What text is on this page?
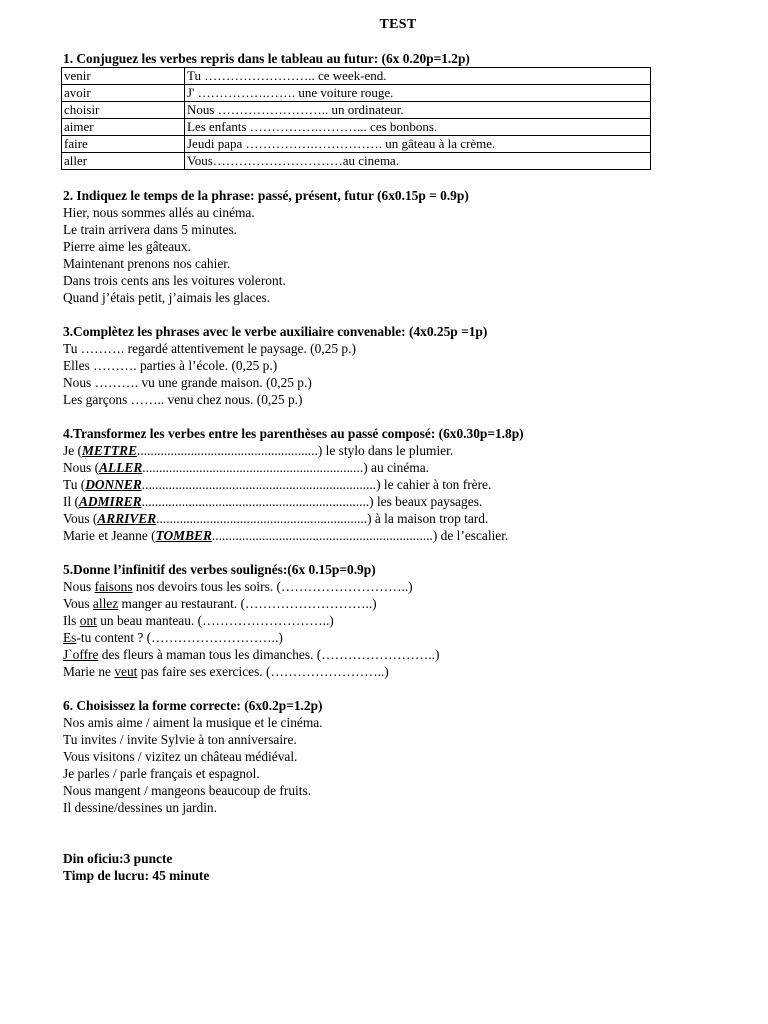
TEST
1. Conjuguez les verbes repris dans le tableau au futur: (6x 0.20p=1.2p)
venir	Tu …………………….. ce week-end.
avoir	J' …………….……. une voiture rouge.
choisir	Nous …………………….. un ordinateur.
aimer	Les enfants …………….………... ces bonbons.
faire	Jeudi papa …………….……………. un gâteau à la crème.
aller	Vous…………………………au cinema.
2. Indiquez le temps de la phrase: passé, présent, futur (6x0.15p = 0.9p)
Hier, nous sommes allés au cinéma.
Le train arrivera dans 5 minutes.
Pierre aime les gâteaux.
Maintenant prenons nos cahier.
Dans trois cents ans les voitures voleront.
Quand j’étais petit, j’aimais les glaces.
3.Complètez les phrases avec le verbe auxiliaire convenable: (4x0.25p =1p)
Tu ………. regardé attentivement le paysage. (0,25 p.)
Elles ………. parties à l’école. (0,25 p.)
Nous ………. vu une grande maison. (0,25 p.)
Les garçons …….. venu chez nous. (0,25 p.)
4.Transformez les verbes entre les parenthèses au passé composé: (6x0.30p=1.8p)
Je (METTRE......................................................) le stylo dans le plumier.
Nous (ALLER..................................................................) au cinéma.
Tu (DONNER......................................................................) le cahier à ton frère.
Il (ADMIRER....................................................................) les beaux paysages.
Vous (ARRIVER...............................................................) à la maison trop tard.
Marie et Jeanne (TOMBER..................................................................) de l’escalier.
5.Donne l’infinitif des verbes soulignés:(6x 0.15p=0.9p)
Nous faisons nos devoirs tous les soirs. (………………………..)
Vous allez manger au restaurant. (………………………..)
Ils ont un beau manteau. (………………………..)
Es-tu content ? (………………………..)
J`offre des fleurs à maman tous les dimanches. (……………………..)
Marie ne veut pas faire ses exercices. (……………………..)
6. Choisissez la forme correcte: (6x0.2p=1.2p)
Nos amis aime / aiment la musique et le cinéma.
Tu invites / invite Sylvie à ton anniversaire.
Vous visitons / vizitez un château médiéval.
Je parles / parle français et espagnol.
Nous mangent / mangeons beaucoup de fruits.
Il dessine/dessines un jardin.
Din oficiu:3 puncte
Timp de lucru: 45 minute
